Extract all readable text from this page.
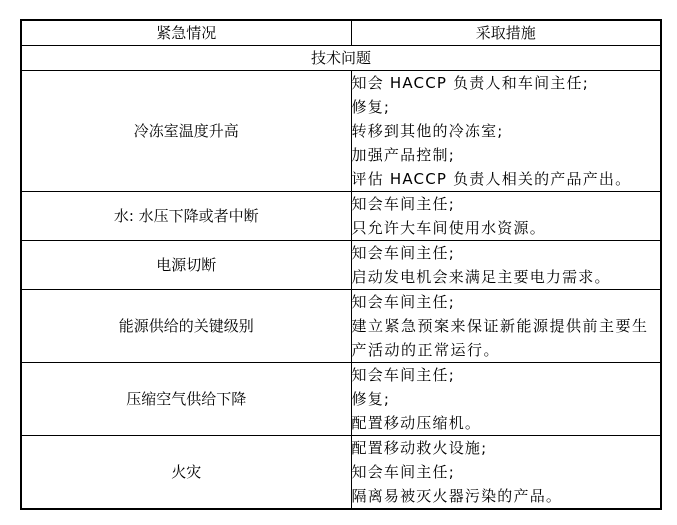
紧急情况	采取措施
技术问题	
冷冻室温度升高	知会 HACCP 负责人和车间主任;
修复;
转移到其他的冷冻室;
加强产品控制;
评估 HACCP 负责人相关的产品产出。

水: 水压下降或者中断	知会车间主任;
只允许大车间使用水资源。

电源切断	知会车间主任;
启动发电机会来满足主要电力需求。

能源供给的关键级别	知会车间主任;
建立紧急预案来保证新能源提供前主要生产活动的正常运行。

压缩空气供给下降	知会车间主任;
修复;
配置移动压缩机。

火灾	配置移动救火设施;
知会车间主任;
隔离易被灭火器污染的产品。
